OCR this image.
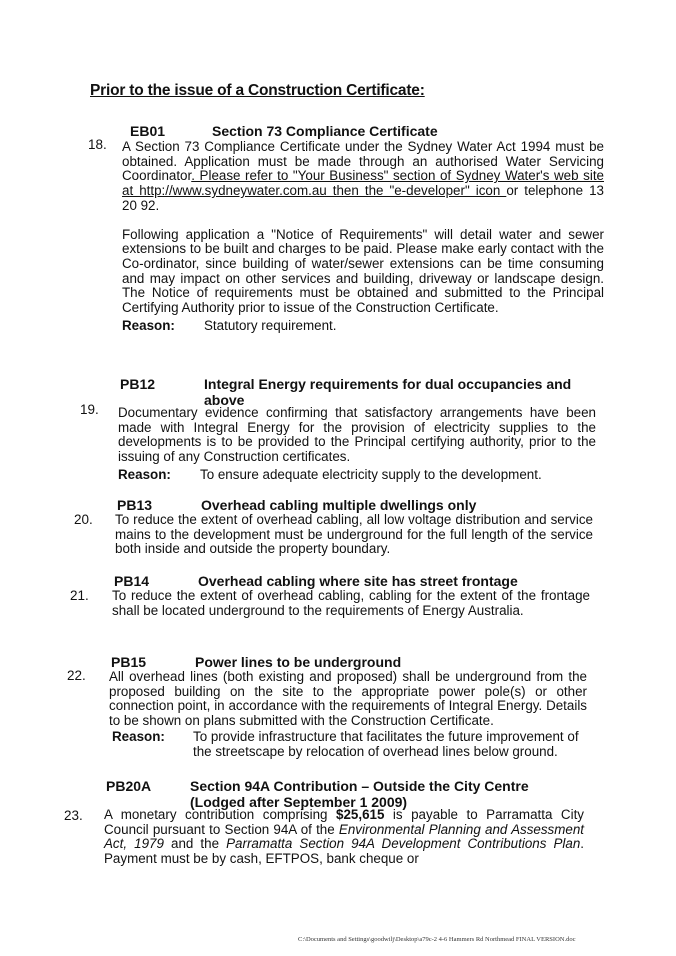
Prior to the issue of a Construction Certificate:
EB01	Section 73 Compliance Certificate
18. A Section 73 Compliance Certificate under the Sydney Water Act 1994 must be obtained. Application must be made through an authorised Water Servicing Coordinator. Please refer to "Your Business" section of Sydney Water's web site at http://www.sydneywater.com.au then the "e-developer" icon or telephone 13 20 92.

Following application a "Notice of Requirements" will detail water and sewer extensions to be built and charges to be paid. Please make early contact with the Co-ordinator, since building of water/sewer extensions can be time consuming and may impact on other services and building, driveway or landscape design. The Notice of requirements must be obtained and submitted to the Principal Certifying Authority prior to issue of the Construction Certificate.

Reason:	Statutory requirement.
PB12	Integral Energy requirements for dual occupancies and above
19. Documentary evidence confirming that satisfactory arrangements have been made with Integral Energy for the provision of electricity supplies to the developments is to be provided to the Principal certifying authority, prior to the issuing of any Construction certificates.
Reason:	To ensure adequate electricity supply to the development.
PB13	Overhead cabling multiple dwellings only
20. To reduce the extent of overhead cabling, all low voltage distribution and service mains to the development must be underground for the full length of the service both inside and outside the property boundary.
PB14	Overhead cabling where site has street frontage
21. To reduce the extent of overhead cabling, cabling for the extent of the frontage shall be located underground to the requirements of Energy Australia.
PB15	Power lines to be underground
22. All overhead lines (both existing and proposed) shall be underground from the proposed building on the site to the appropriate power pole(s) or other connection point, in accordance with the requirements of Integral Energy. Details to be shown on plans submitted with the Construction Certificate.
Reason:	To provide infrastructure that facilitates the future improvement of the streetscape by relocation of overhead lines below ground.
PB20A	Section 94A Contribution – Outside the City Centre (Lodged after September 1 2009)
23. A monetary contribution comprising $25,615 is payable to Parramatta City Council pursuant to Section 94A of the Environmental Planning and Assessment Act, 1979 and the Parramatta Section 94A Development Contributions Plan. Payment must be by cash, EFTPOS, bank cheque or
C:\Documents and Settings\goodwilj\Desktop\a79c-2 4-6 Hammers Rd Northmead FINAL VERSION.doc
